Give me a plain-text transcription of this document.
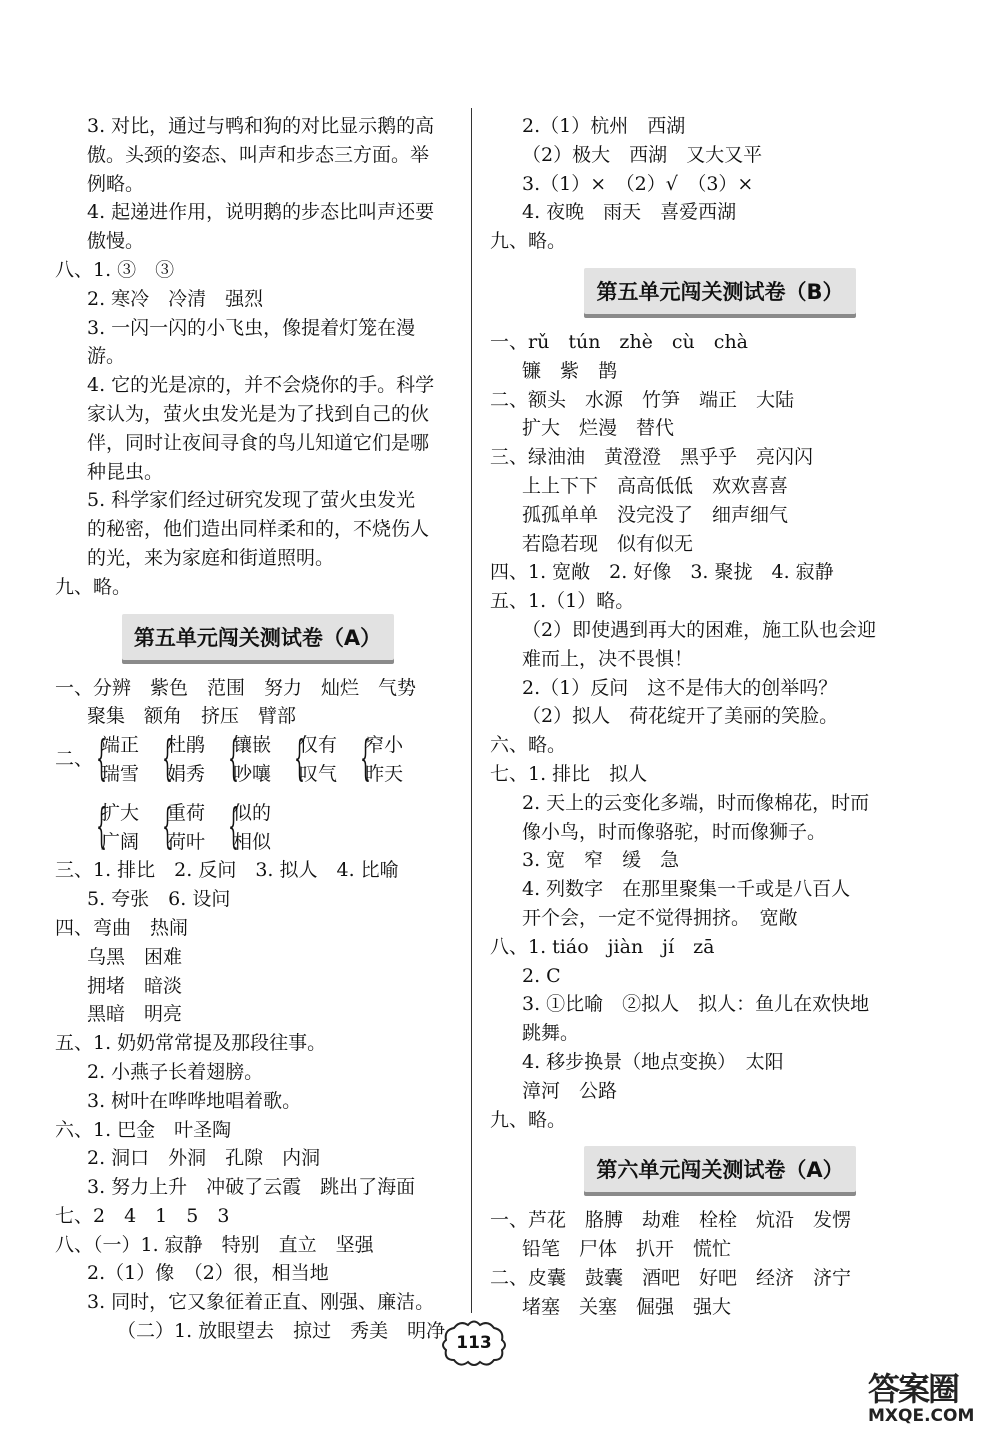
3. 对比，通过与鸭和狗的对比显示鹅的高
傲。头颈的姿态、叫声和步态三方面。举
例略。
4. 起递进作用，说明鹅的步态比叫声还要
傲慢。
八、1. ③　③
2. 寒冷　冷清　强烈
3. 一闪一闪的小飞虫，像提着灯笼在漫
游。
4. 它的光是凉的，并不会烧你的手。科学
家认为，萤火虫发光是为了找到自己的伙
伴，同时让夜间寻食的鸟儿知道它们是哪
种昆虫。
5. 科学家们经过研究发现了萤火虫发光
的秘密，他们造出同样柔和的，不烧伤人
的光，来为家庭和街道照明。
九、略。
第五单元闯关测试卷（A）
一、分辨　紫色　范围　努力　灿烂　气势
聚集　额角　挤压　臂部
二、 {
端正
瑞雪 {
杜鹃
娟秀 {
镶嵌
吵嚷 {
仅有
叹气 {
窄小
昨天
{
扩大
广阔 {
重荷
荷叶 {
似的
相似
三、1. 排比　2. 反问　3. 拟人　4. 比喻
5. 夸张　6. 设问
四、弯曲　热闹
乌黑　困难
拥堵　暗淡
黑暗　明亮
五、1. 奶奶常常提及那段往事。
2. 小燕子长着翅膀。
3. 树叶在哗哗地唱着歌。
六、1. 巴金　叶圣陶
2. 洞口　外洞　孔隙　内洞
3. 努力上升　冲破了云霞　跳出了海面
七、2　4　1　5　3
八、（一）1. 寂静　特别　直立　坚强
2.（1）像　（2）很，相当地
3. 同时，它又象征着正直、刚强、廉洁。
（二）1. 放眼望去　掠过　秀美　明净
2.（1）杭州　西湖
（2）极大　西湖　又大又平
3.（1）×　（2）√　（3）×
4. 夜晚　雨天　喜爱西湖
九、略。
第五单元闯关测试卷（B）
一、rǔ　tún　zhè　cù　chà
镰　紫　鹊
二、额头　水源　竹笋　端正　大陆
扩大　烂漫　替代
三、绿油油　黄澄澄　黑乎乎　亮闪闪
上上下下　高高低低　欢欢喜喜
孤孤单单　没完没了　细声细气
若隐若现　似有似无
四、1. 宽敞　2. 好像　3. 聚拢　4. 寂静
五、1.（1）略。
（2）即使遇到再大的困难，施工队也会迎
难而上，决不畏惧！
2.（1）反问　这不是伟大的创举吗？
（2）拟人　荷花绽开了美丽的笑脸。
六、略。
七、1. 排比　拟人
2. 天上的云变化多端，时而像棉花，时而
像小鸟，时而像骆驼，时而像狮子。
3. 宽　窄　缓　急
4. 列数字　在那里聚集一千或是八百人
开个会，一定不觉得拥挤。　宽敞
八、1. tiáo　jiàn　jí　zā
2. C
3. ①比喻　②拟人　拟人：鱼儿在欢快地
跳舞。
4. 移步换景（地点变换）　太阳
漳河　公路
九、略。
第六单元闯关测试卷（A）
一、芦花　胳膊　劫难　栓栓　炕沿　发愣
铅笔　尸体　扒开　慌忙
二、皮囊　鼓囊　酒吧　好吧　经济　济宁
堵塞　关塞　倔强　强大
113
答案圈
MXQE.COM
